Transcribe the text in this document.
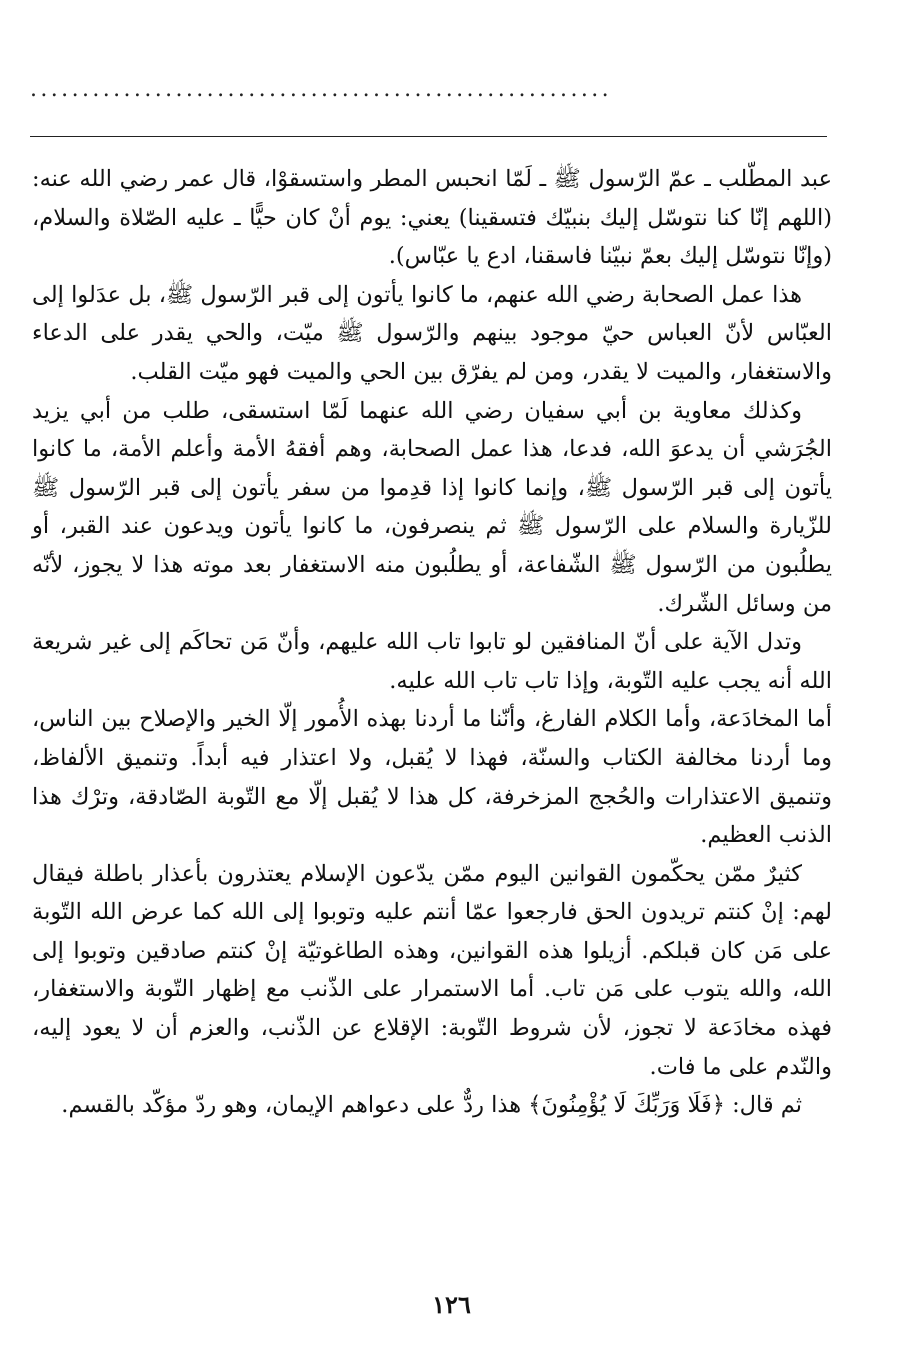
........................................................

عبد المطّلب ـ عمّ الرّسول ﷺ ـ لَمّا انحبس المطر واستسقوْا، قال عمر رضي الله عنه: (اللهم إنّا كنا نتوسّل إليك بنبيّك فتسقينا) يعني: يوم أنْ كان حيًّا ـ عليه الصّلاة والسلام، (وإنّا نتوسّل إليك بعمّ نبيّنا فاسقنا، ادع يا عبّاس).

هذا عمل الصحابة رضي الله عنهم، ما كانوا يأتون إلى قبر الرّسول ﷺ، بل عدَلوا إلى العبّاس لأنّ العباس حيّ موجود بينهم والرّسول ﷺ ميّت، والحي يقدر على الدعاء والاستغفار، والميت لا يقدر، ومن لم يفرّق بين الحي والميت فهو ميّت القلب.

وكذلك معاوية بن أبي سفيان رضي الله عنهما لَمّا استسقى، طلب من أبي يزيد الجُرَشي أن يدعوَ الله، فدعا، هذا عمل الصحابة، وهم أفقهُ الأمة وأعلم الأمة، ما كانوا يأتون إلى قبر الرّسول ﷺ، وإنما كانوا إذا قدِموا من سفر يأتون إلى قبر الرّسول ﷺ للزّيارة والسلام على الرّسول ﷺ ثم ينصرفون، ما كانوا يأتون ويدعون عند القبر، أو يطلُبون من الرّسول ﷺ الشّفاعة، أو يطلُبون منه الاستغفار بعد موته هذا لا يجوز، لأنّه من وسائل الشّرك.

وتدل الآية على أنّ المنافقين لو تابوا تاب الله عليهم، وأنّ مَن تحاكَم إلى غير شريعة الله أنه يجب عليه التّوبة، وإذا تاب تاب الله عليه.

أما المخادَعة، وأما الكلام الفارغ، وأنّنا ما أردنا بهذه الأُمور إلّا الخير والإصلاح بين الناس، وما أردنا مخالفة الكتاب والسنّة، فهذا لا يُقبل، ولا اعتذار فيه أبداً. وتنميق الألفاظ، وتنميق الاعتذارات والحُجج المزخرفة، كل هذا لا يُقبل إلّا مع التّوبة الصّادقة، وترْك هذا الذنب العظيم.

كثيرٌ ممّن يحكّمون القوانين اليوم ممّن يدّعون الإسلام يعتذرون بأعذار باطلة فيقال لهم: إنْ كنتم تريدون الحق فارجعوا عمّا أنتم عليه وتوبوا إلى الله كما عرض الله التّوبة على مَن كان قبلكم. أزيلوا هذه القوانين، وهذه الطاغوتيّة إنْ كنتم صادقين وتوبوا إلى الله، والله يتوب على مَن تاب. أما الاستمرار على الذّنب مع إظهار التّوبة والاستغفار، فهذه مخادَعة لا تجوز، لأن شروط التّوبة: الإقلاع عن الذّنب، والعزم أن لا يعود إليه، والنّدم على ما فات.

ثم قال: ﴿فَلَا وَرَبِّكَ لَا يُؤْمِنُونَ﴾ هذا ردٌّ على دعواهم الإيمان، وهو ردّ مؤكّد بالقسم.

١٢٦
